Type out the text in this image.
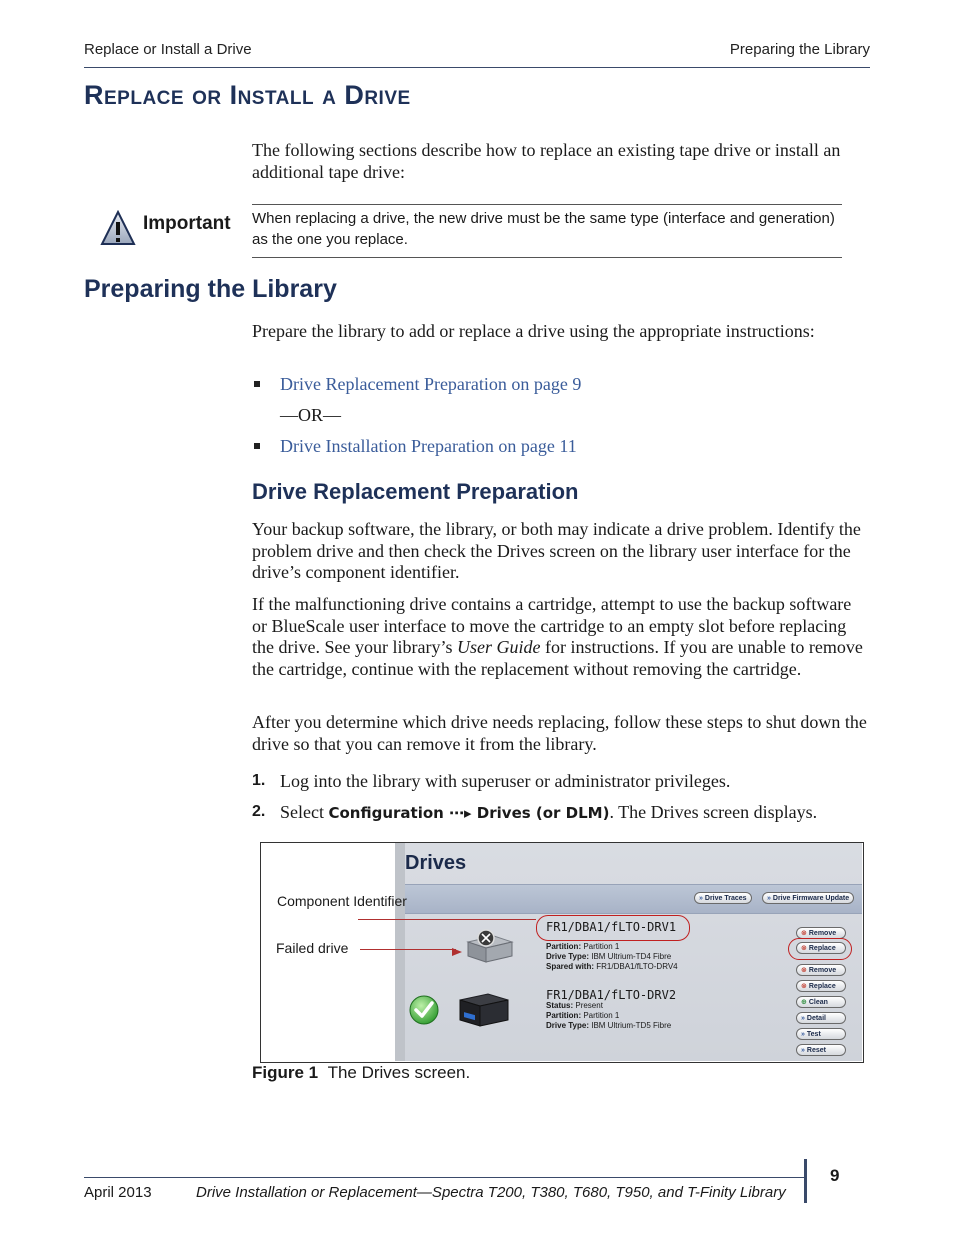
Replace or Install a Drive	Preparing the Library
Replace or Install a Drive
The following sections describe how to replace an existing tape drive or install an additional tape drive:
Important When replacing a drive, the new drive must be the same type (interface and generation) as the one you replace.
Preparing the Library
Prepare the library to add or replace a drive using the appropriate instructions:
Drive Replacement Preparation on page 9
—OR—
Drive Installation Preparation on page 11
Drive Replacement Preparation
Your backup software, the library, or both may indicate a drive problem. Identify the problem drive and then check the Drives screen on the library user interface for the drive’s component identifier.
If the malfunctioning drive contains a cartridge, attempt to use the backup software or BlueScale user interface to move the cartridge to an empty slot before replacing the drive. See your library’s User Guide for instructions. If you are unable to remove the cartridge, continue with the replacement without removing the cartridge.
After you determine which drive needs replacing, follow these steps to shut down the drive so that you can remove it from the library.
1. Log into the library with superuser or administrator privileges.
2. Select Configuration ⋯▸ Drives (or DLM). The Drives screen displays.
Drives
» Drive Traces	» Drive Firmware Update
Component Identifier
Failed drive
FR1/DBA1/fLTO-DRV1
Partition: Partition 1
Drive Type: IBM Ultrium-TD4 Fibre
Spared with: FR1/DBA1/fLTO-DRV4
⊗ Remove
⊗ Replace
FR1/DBA1/fLTO-DRV2
Status: Present
Partition: Partition 1
Drive Type: IBM Ultrium-TD5 Fibre
⊗ Remove
⊗ Replace
⊕ Clean
» Detail
» Test
» Reset
Figure 1 The Drives screen.
April 2013	Drive Installation or Replacement—Spectra T200, T380, T680, T950, and T-Finity Library
9
